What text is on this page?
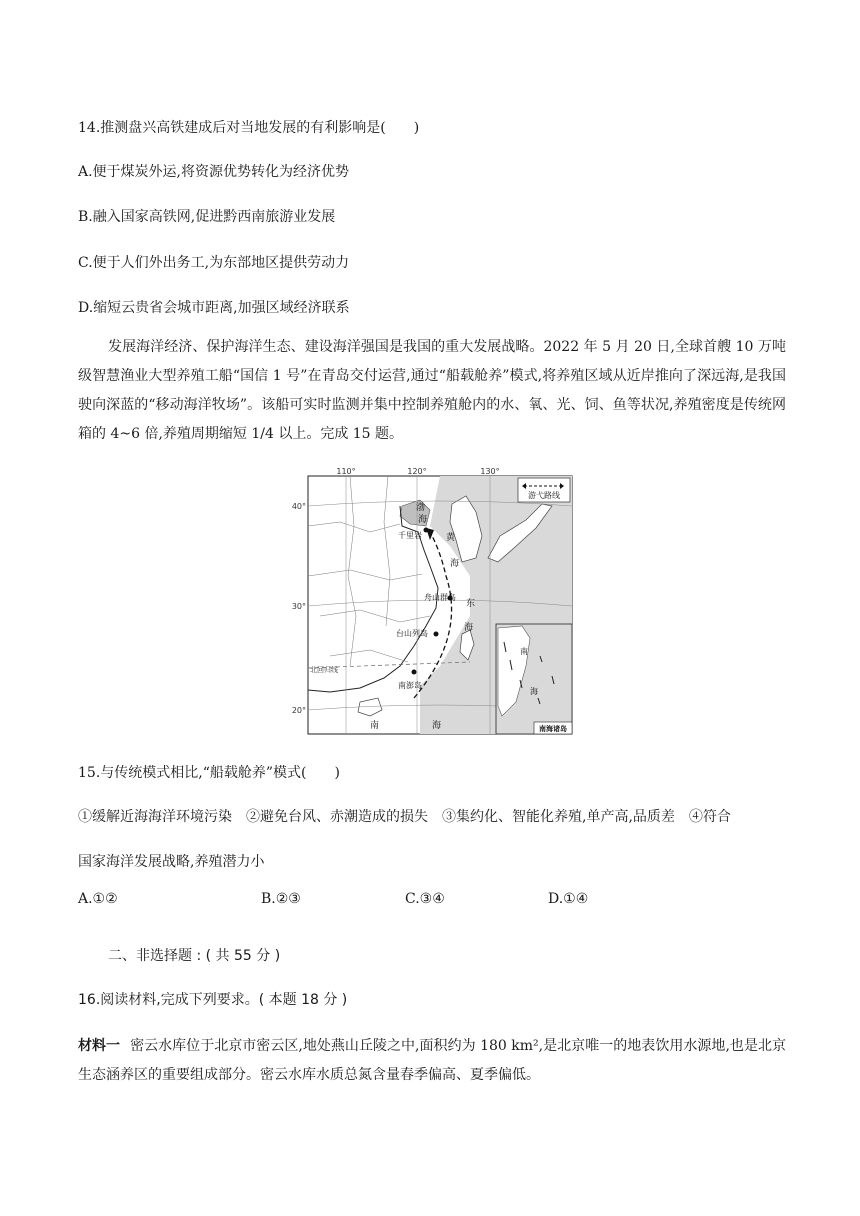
14.推测盘兴高铁建成后对当地发展的有利影响是(　　)
A.便于煤炭外运,将资源优势转化为经济优势
B.融入国家高铁网,促进黔西南旅游业发展
C.便于人们外出务工,为东部地区提供劳动力
D.缩短云贵省会城市距离,加强区域经济联系
发展海洋经济、保护海洋生态、建设海洋强国是我国的重大发展战略。2022 年 5 月 20 日,全球首艘 10 万吨级智慧渔业大型养殖工船“国信 1 号”在青岛交付运营,通过“船载舱养”模式,将养殖区域从近岸推向了深远海,是我国驶向深蓝的“移动海洋牧场”。该船可实时监测并集中控制养殖舱内的水、氧、光、饲、鱼等状况,养殖密度是传统网箱的 4~6 倍,养殖周期缩短 1/4 以上。完成 15 题。
110°	120°	130°
40°
30°
20°
游弋路线
千里岩
舟山群岛
台山列岛
南澎岛
北回归线
渤
海
黄
海
东
海
南	海
南
海
南海诸岛
15.与传统模式相比,“船载舱养”模式(　　)
①缓解近海海洋环境污染　②避免台风、赤潮造成的损失　③集约化、智能化养殖,单产高,品质差　④符合
国家海洋发展战略,养殖潜力小
A.①②	B.②③	C.③④	D.①④
二、非选择题 : ( 共 55 分 )
16.阅读材料,完成下列要求。( 本题 18 分 )
材料一 密云水库位于北京市密云区,地处燕山丘陵之中,面积约为 180 km²,是北京唯一的地表饮用水源地,也是北京生态涵养区的重要组成部分。密云水库水质总氮含量春季偏高、夏季偏低。
